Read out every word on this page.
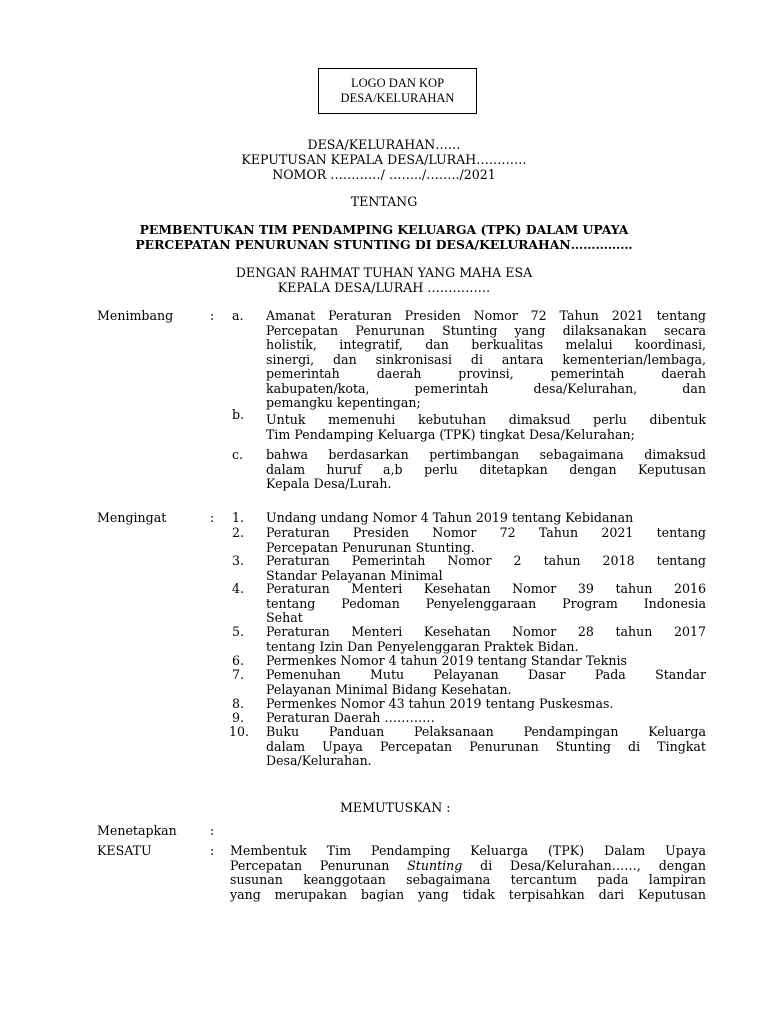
LOGO DAN KOP
DESA/KELURAHAN
DESA/KELURAHAN……
KEPUTUSAN KEPALA DESA/LURAH…………
NOMOR …………/ ……../……../2021
TENTANG
PEMBENTUKAN TIM PENDAMPING KELUARGA (TPK) DALAM UPAYA
PERCEPATAN PENURUNAN STUNTING DI DESA/KELURAHAN……………
DENGAN RAHMAT TUHAN YANG MAHA ESA
KEPALA DESA/LURAH ……………
Menimbang	: a. Amanat Peraturan Presiden Nomor 72 Tahun 2021 tentang
Percepatan Penurunan Stunting yang dilaksanakan secara
holistik, integratif, dan berkualitas melalui koordinasi,
sinergi, dan sinkronisasi di antara kementerian/lembaga,
pemerintah daerah provinsi, pemerintah daerah
kabupaten/kota, pemerintah desa/Kelurahan, dan
pemangku kepentingan;
b. Untuk memenuhi kebutuhan dimaksud perlu dibentuk
Tim Pendamping Keluarga (TPK) tingkat Desa/Kelurahan;
c. bahwa berdasarkan pertimbangan sebagaimana dimaksud
dalam huruf a,b perlu ditetapkan dengan Keputusan
Kepala Desa/Lurah.
Mengingat	: 1. Undang undang Nomor 4 Tahun 2019 tentang Kebidanan
2. Peraturan Presiden Nomor 72 Tahun 2021 tentang
Percepatan Penurunan Stunting.
3. Peraturan Pemerintah Nomor 2 tahun 2018 tentang
Standar Pelayanan Minimal
4. Peraturan Menteri Kesehatan Nomor 39 tahun 2016
tentang Pedoman Penyelenggaraan Program Indonesia
Sehat
5. Peraturan Menteri Kesehatan Nomor 28 tahun 2017
tentang Izin Dan Penyelenggaran Praktek Bidan.
6. Permenkes Nomor 4 tahun 2019 tentang Standar Teknis
7. Pemenuhan Mutu Pelayanan Dasar Pada Standar
Pelayanan Minimal Bidang Kesehatan.
8. Permenkes Nomor 43 tahun 2019 tentang Puskesmas.
9. Peraturan Daerah …………
10. Buku Panduan Pelaksanaan Pendampingan Keluarga
dalam Upaya Percepatan Penurunan Stunting di Tingkat
Desa/Kelurahan.
MEMUTUSKAN :
Menetapkan	:
KESATU	: Membentuk Tim Pendamping Keluarga (TPK) Dalam Upaya
Percepatan Penurunan Stunting di Desa/Kelurahan……, dengan
susunan keanggotaan sebagaimana tercantum pada lampiran
yang merupakan bagian yang tidak terpisahkan dari Keputusan
